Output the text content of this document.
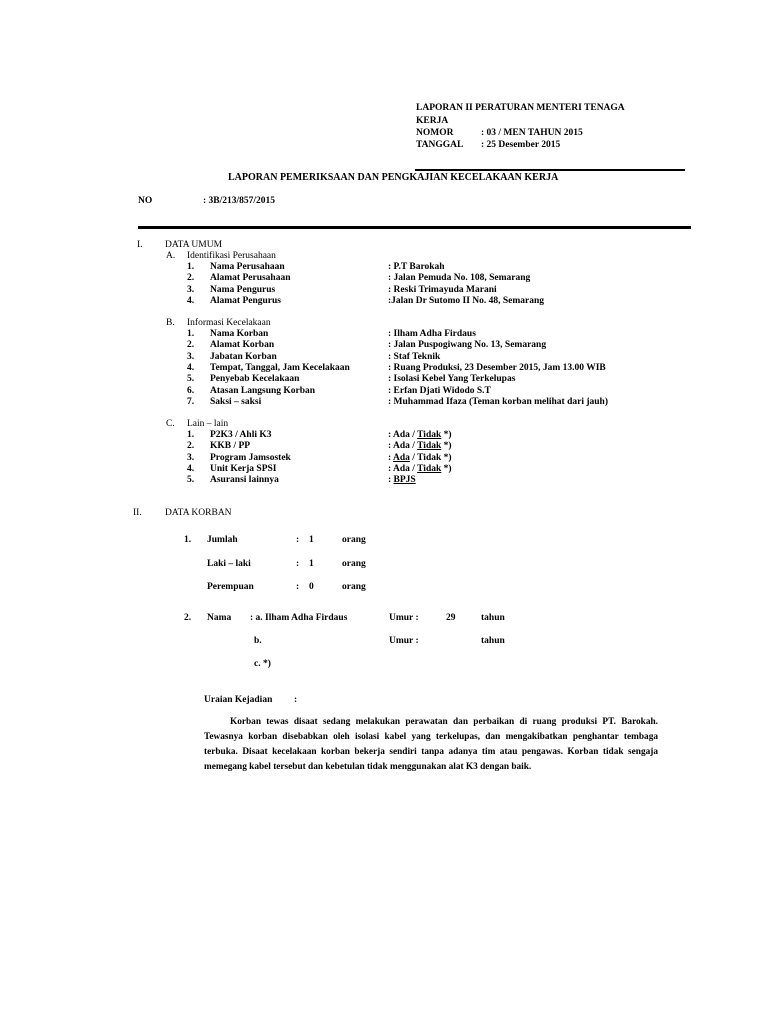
LAPORAN II PERATURAN MENTERI TENAGA
KERJA
NOMOR	: 03 / MEN TAHUN 2015
TANGGAL : 25 Desember 2015
LAPORAN PEMERIKSAAN DAN PENGKAJIAN KECELAKAAN KERJA
NO	: 3B/213/857/2015
I. DATA UMUM
A. Identifikasi Perusahaan
1. Nama Perusahaan	: P.T Barokah
2. Alamat Perusahaan	: Jalan Pemuda No. 108, Semarang
3. Nama Pengurus	: Reski Trimayuda Marani
4. Alamat Pengurus	:Jalan Dr Sutomo II No. 48, Semarang
B. Informasi Kecelakaan
1. Nama Korban	: Ilham Adha Firdaus
2. Alamat Korban	: Jalan Puspogiwang No. 13, Semarang
3. Jabatan Korban	: Staf Teknik
4. Tempat, Tanggal, Jam Kecelakaan	: Ruang Produksi, 23 Desember 2015, Jam 13.00 WIB
5. Penyebab Kecelakaan	: Isolasi Kebel Yang Terkelupas
6. Atasan Langsung Korban	: Erfan Djati Widodo S.T
7. Saksi – saksi	: Muhammad Ifaza (Teman korban melihat dari jauh)
C. Lain – lain
1. P2K3 / Ahli K3	: Ada / Tidak *)
2. KKB / PP	: Ada / Tidak *)
3. Program Jamsostek	: Ada / Tidak *)
4. Unit Kerja SPSI	: Ada / Tidak *)
5. Asuransi lainnya	: BPJS
II. DATA KORBAN
1. Jumlah	: 1	orang
Laki – laki	: 1	orang
Perempuan	: 0	orang
2. Nama : a. Ilham Adha Firdaus	Umur :	29	tahun
b.	Umur :	tahun
c. *)
Uraian Kejadian :
Korban tewas disaat sedang melakukan perawatan dan perbaikan di ruang produksi PT. Barokah. Tewasnya korban disebabkan oleh isolasi kabel yang terkelupas, dan mengakibatkan penghantar tembaga terbuka. Disaat kecelakaan korban bekerja sendiri tanpa adanya tim atau pengawas. Korban tidak sengaja memegang kabel tersebut dan kebetulan tidak menggunakan alat K3 dengan baik.
